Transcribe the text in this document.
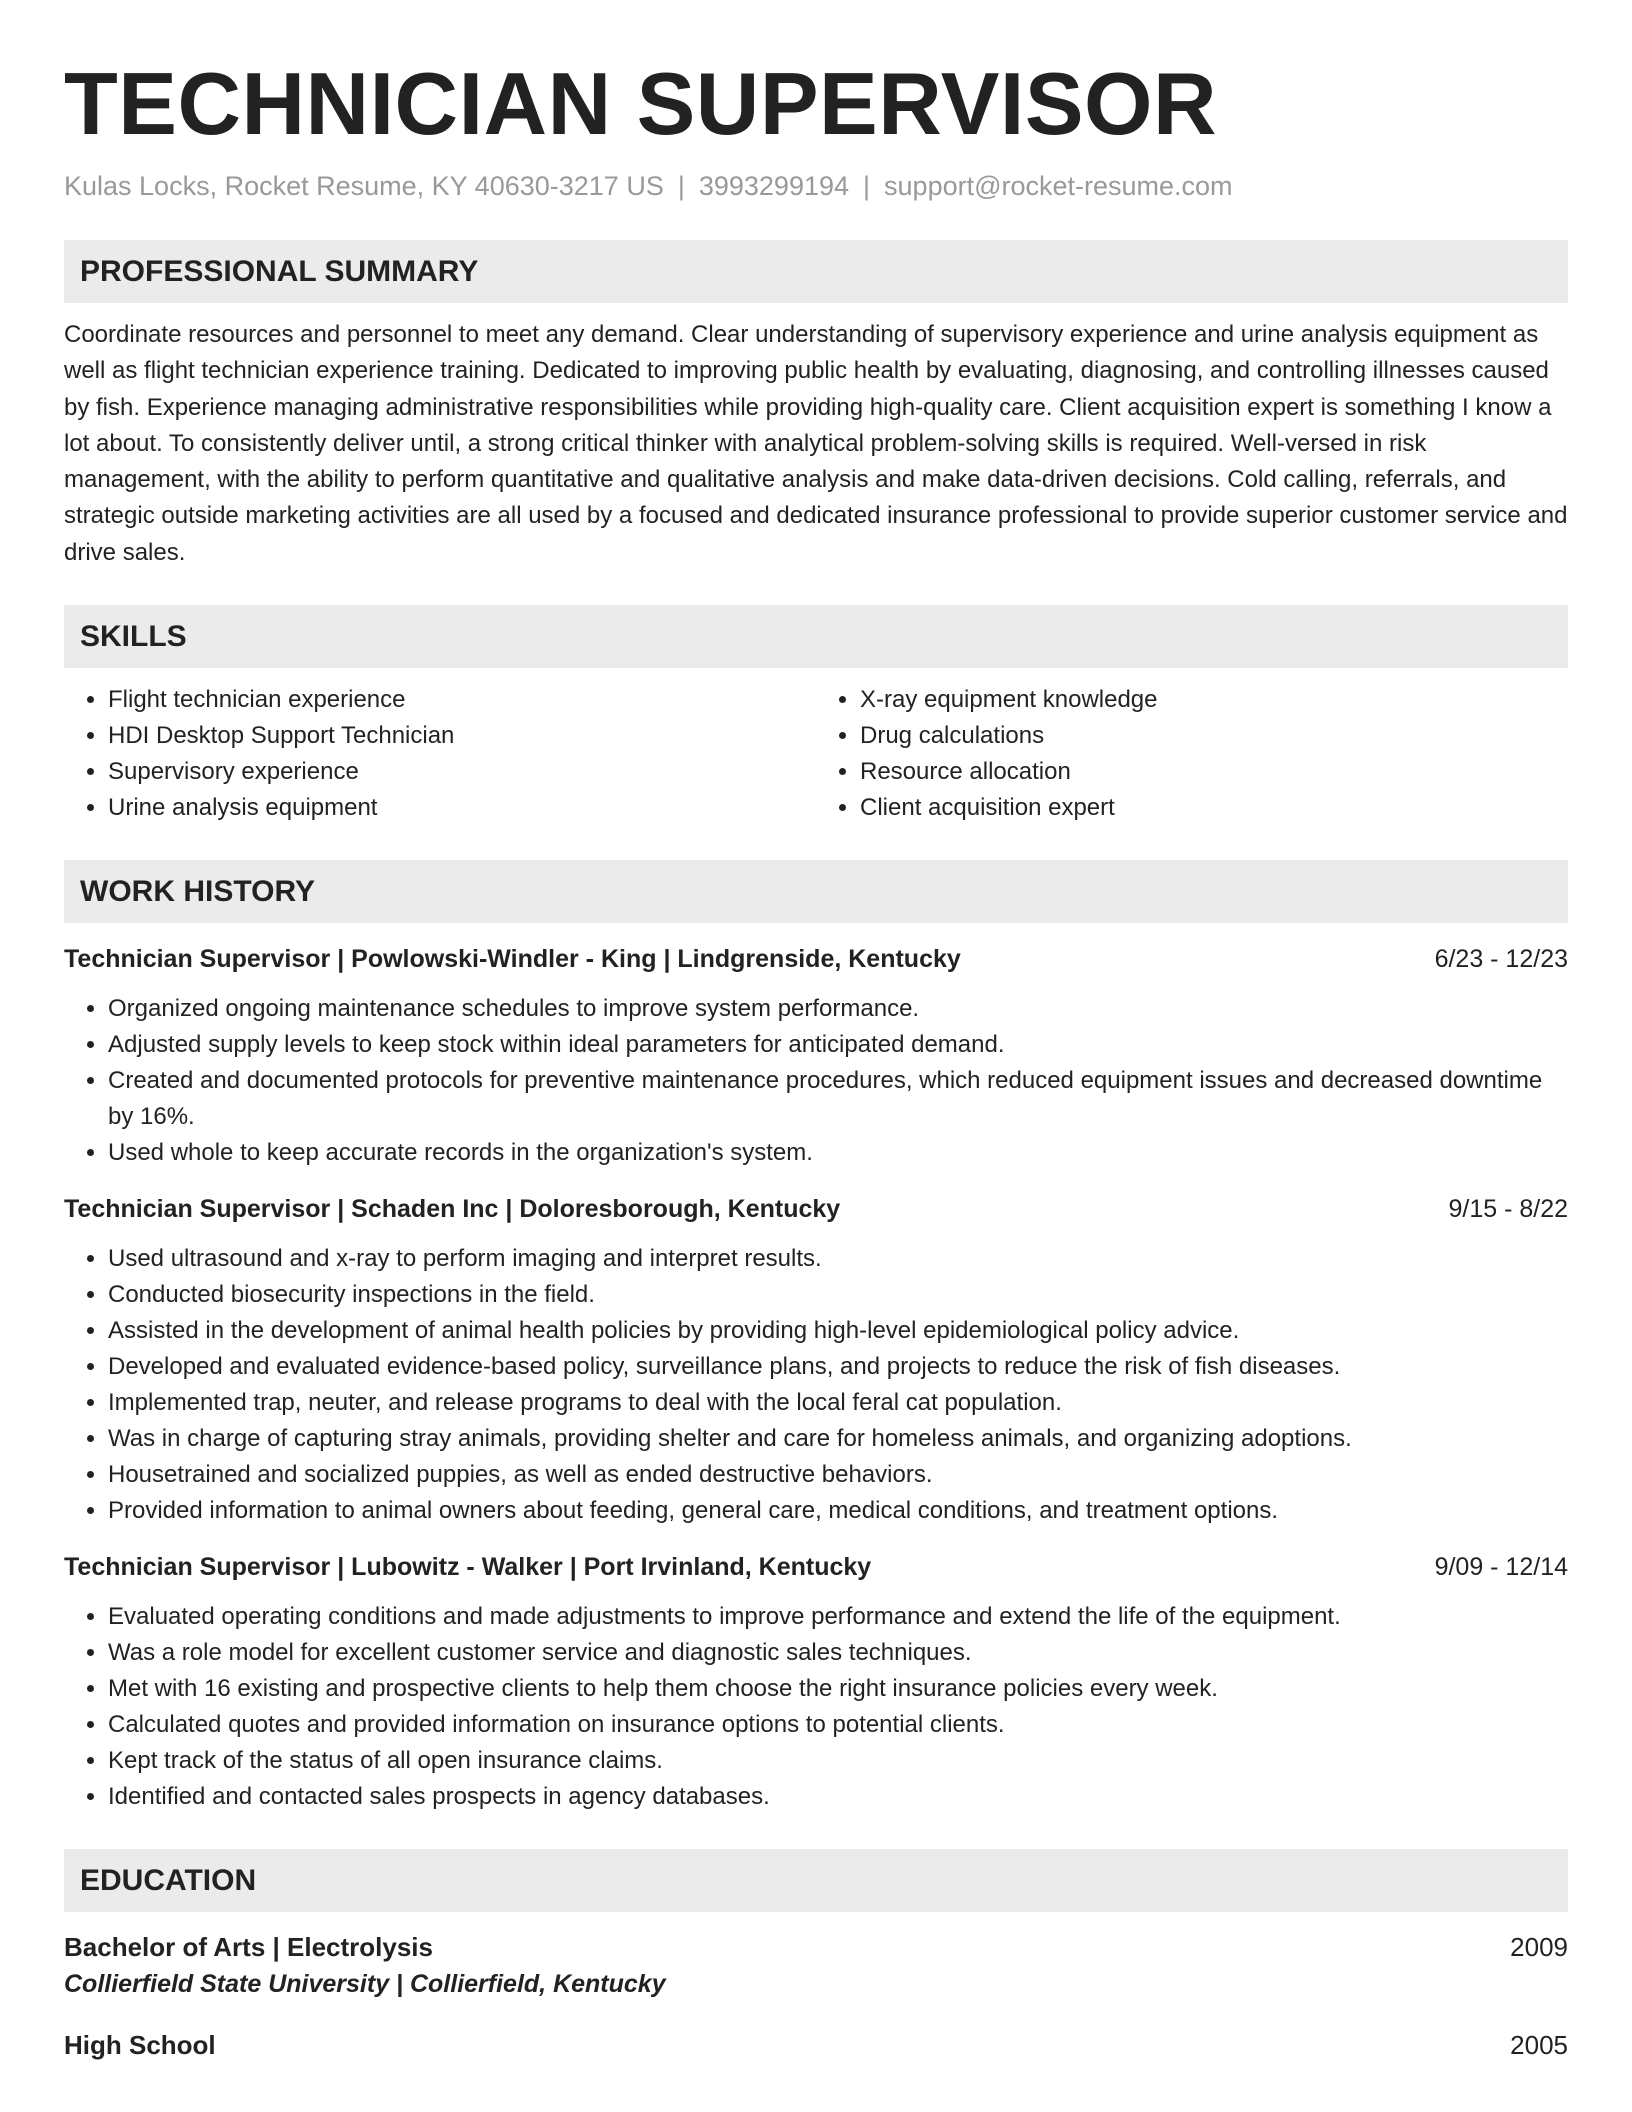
TECHNICIAN SUPERVISOR
Kulas Locks, Rocket Resume, KY 40630-3217 US | 3993299194 | support@rocket-resume.com
PROFESSIONAL SUMMARY
Coordinate resources and personnel to meet any demand. Clear understanding of supervisory experience and urine analysis equipment as well as flight technician experience training. Dedicated to improving public health by evaluating, diagnosing, and controlling illnesses caused by fish. Experience managing administrative responsibilities while providing high-quality care. Client acquisition expert is something I know a lot about. To consistently deliver until, a strong critical thinker with analytical problem-solving skills is required. Well-versed in risk management, with the ability to perform quantitative and qualitative analysis and make data-driven decisions. Cold calling, referrals, and strategic outside marketing activities are all used by a focused and dedicated insurance professional to provide superior customer service and drive sales.
SKILLS
• Flight technician experience
• HDI Desktop Support Technician
• Supervisory experience
• Urine analysis equipment
• X-ray equipment knowledge
• Drug calculations
• Resource allocation
• Client acquisition expert
WORK HISTORY
Technician Supervisor | Powlowski-Windler - King | Lindgrenside, Kentucky	6/23 - 12/23
• Organized ongoing maintenance schedules to improve system performance.
• Adjusted supply levels to keep stock within ideal parameters for anticipated demand.
• Created and documented protocols for preventive maintenance procedures, which reduced equipment issues and decreased downtime by 16%.
• Used whole to keep accurate records in the organization's system.
Technician Supervisor | Schaden Inc | Doloresborough, Kentucky	9/15 - 8/22
• Used ultrasound and x-ray to perform imaging and interpret results.
• Conducted biosecurity inspections in the field.
• Assisted in the development of animal health policies by providing high-level epidemiological policy advice.
• Developed and evaluated evidence-based policy, surveillance plans, and projects to reduce the risk of fish diseases.
• Implemented trap, neuter, and release programs to deal with the local feral cat population.
• Was in charge of capturing stray animals, providing shelter and care for homeless animals, and organizing adoptions.
• Housetrained and socialized puppies, as well as ended destructive behaviors.
• Provided information to animal owners about feeding, general care, medical conditions, and treatment options.
Technician Supervisor | Lubowitz - Walker | Port Irvinland, Kentucky	9/09 - 12/14
• Evaluated operating conditions and made adjustments to improve performance and extend the life of the equipment.
• Was a role model for excellent customer service and diagnostic sales techniques.
• Met with 16 existing and prospective clients to help them choose the right insurance policies every week.
• Calculated quotes and provided information on insurance options to potential clients.
• Kept track of the status of all open insurance claims.
• Identified and contacted sales prospects in agency databases.
EDUCATION
Bachelor of Arts | Electrolysis	2009
Collierfield State University | Collierfield, Kentucky
High School	2005
